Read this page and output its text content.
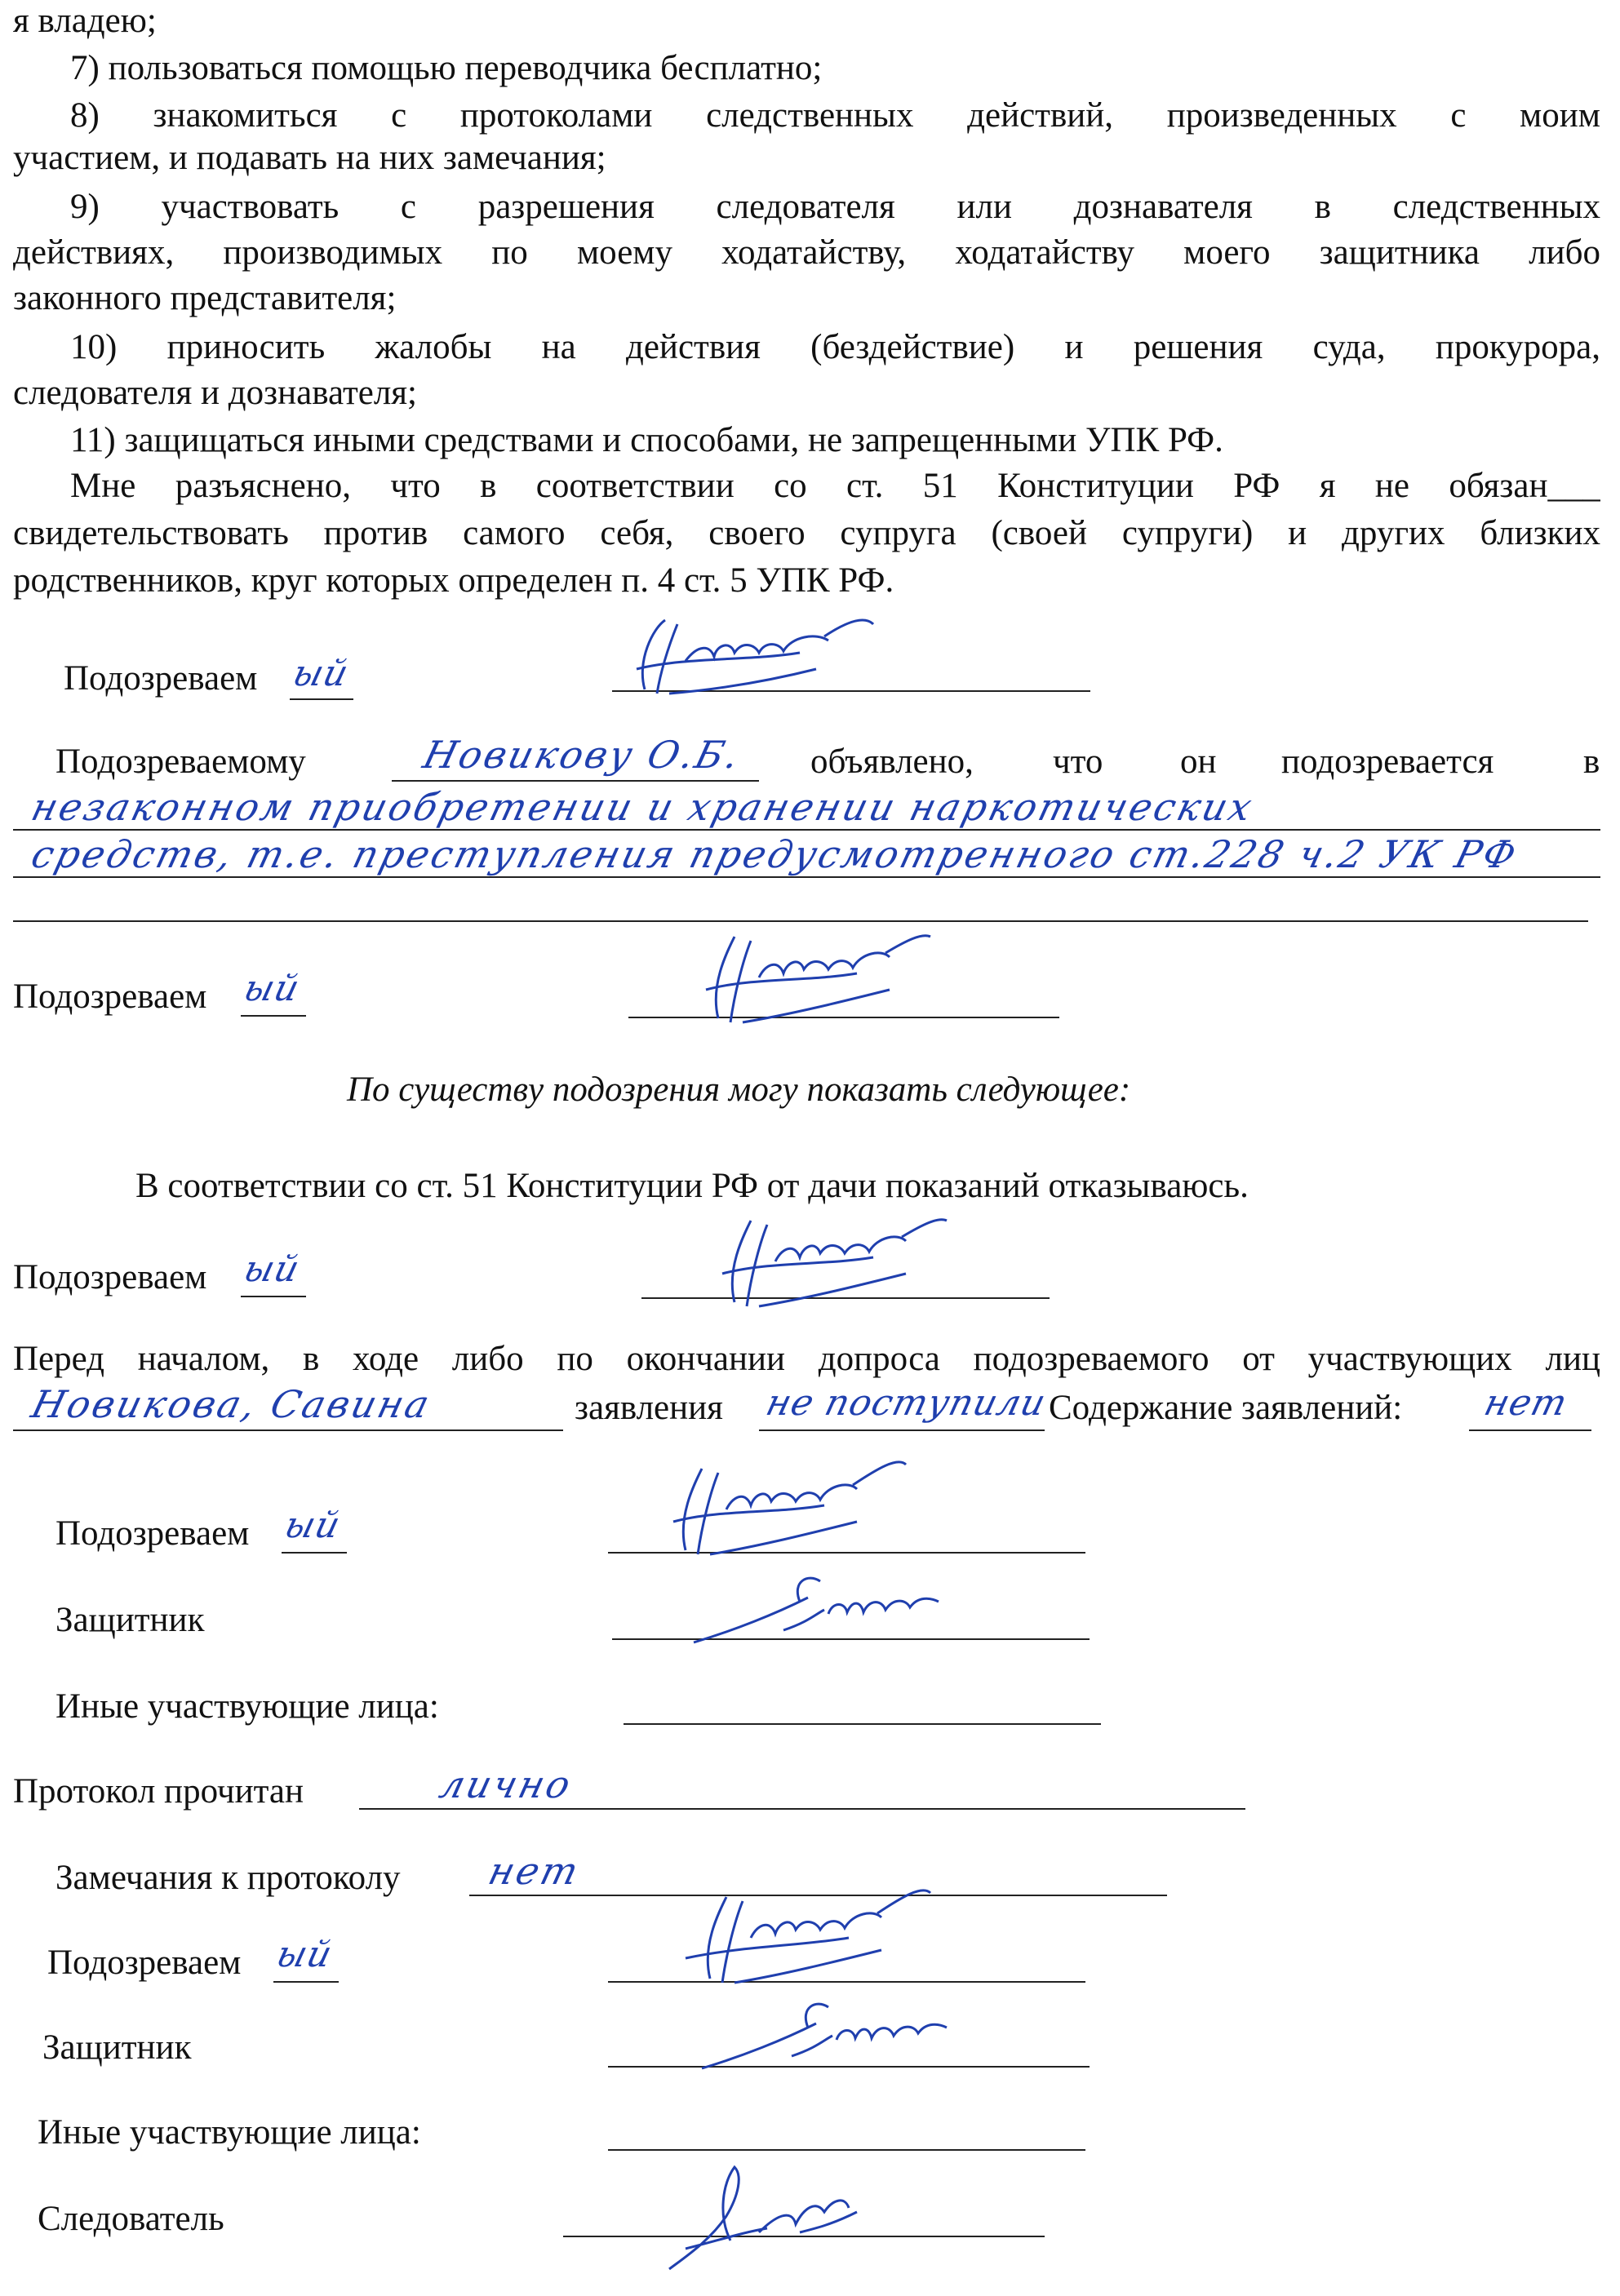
я владею;
7) пользоваться помощью переводчика бесплатно;
8) знакомиться с протоколами следственных действий, произведенных с моим
участием, и подавать на них замечания;
9) участвовать с разрешения следователя или дознавателя в следственных
действиях, производимых по моему ходатайству, ходатайству моего защитника либо
законного представителя;
10) приносить жалобы на действия (бездействие) и решения суда, прокурора,
следователя и дознавателя;
11) защищаться иными средствами и способами, не запрещенными УПК РФ.
Мне разъяснено, что в соответствии со ст. 51 Конституции РФ я не обязан___
свидетельствовать против самого себя, своего супруга (своей супруги) и других близких
родственников, круг которых определен п. 4 ст. 5 УПК РФ.
Подозреваем ый
Подозреваемому	Новикову О.Б. объявлено, что он подозревается	в
незаконном приобретении и хранении наркотических
средств, т.е. преступления предусмотренного ст.228 ч.2 УК РФ
Подозреваем ый
По существу подозрения могу показать следующее:
В соответствии со ст. 51 Конституции РФ от дачи показаний отказываюсь.
Подозреваем ый
Перед началом, в ходе либо по окончании допроса подозреваемого от участвующих лиц
Новикова, Савина	заявления не поступили
Содержание заявлений: нет
Подозреваем ый
Защитник
Иные участвующие лица:
Протокол прочитан	лично
Замечания к протоколу нет
Подозреваем ый
Защитник
Иные участвующие лица:
Следователь
